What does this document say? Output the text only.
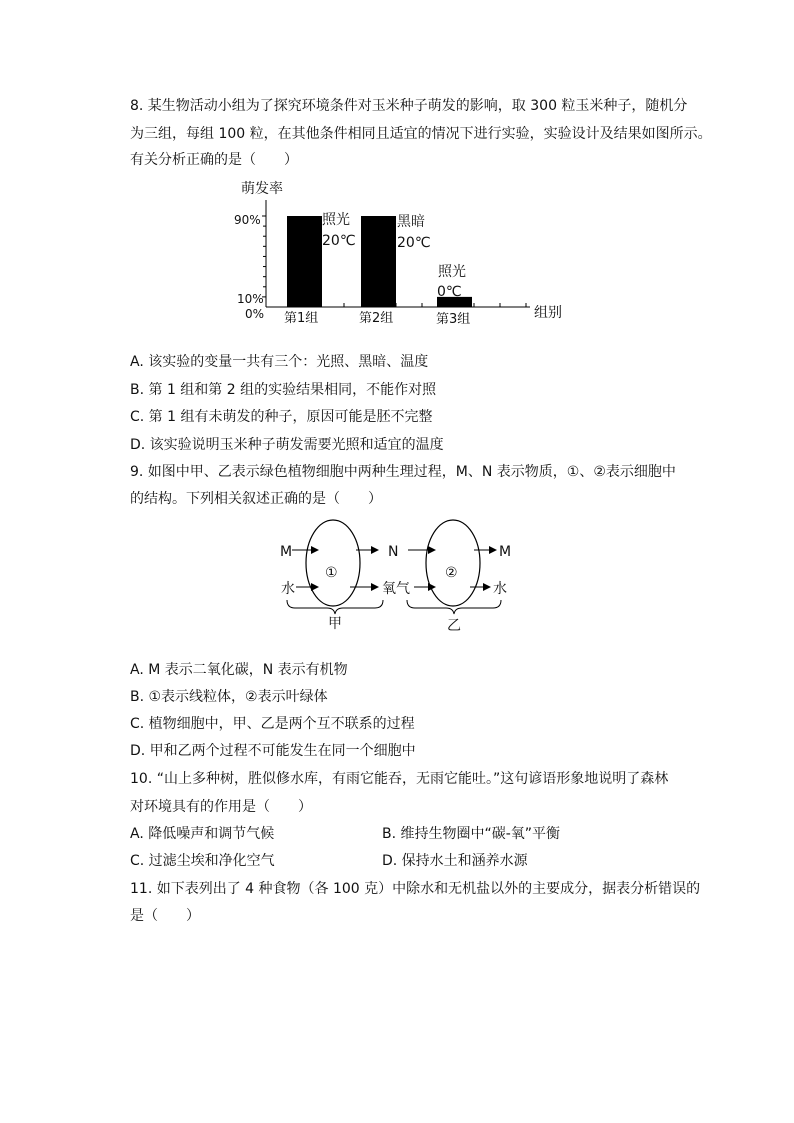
8. 某生物活动小组为了探究环境条件对玉米种子萌发的影响，取 300 粒玉米种子，随机分
为三组，每组 100 粒，在其他条件相同且适宜的情况下进行实验，实验设计及结果如图所示。
有关分析正确的是（　　）
萌发率
90%
10%
0%
照光
20℃
黑暗
20℃
照光
0℃
第1组	第2组	第3组	组别
A. 该实验的变量一共有三个：光照、黑暗、温度
B. 第 1 组和第 2 组的实验结果相同，不能作对照
C. 第 1 组有未萌发的种子，原因可能是胚不完整
D. 该实验说明玉米种子萌发需要光照和适宜的温度
9. 如图中甲、乙表示绿色植物细胞中两种生理过程，M、N 表示物质，①、②表示细胞中
的结构。下列相关叙述正确的是（　　）
①	②
M
水
N
氧气
M
水
甲	乙
A. M 表示二氧化碳，N 表示有机物
B. ①表示线粒体，②表示叶绿体
C. 植物细胞中，甲、乙是两个互不联系的过程
D. 甲和乙两个过程不可能发生在同一个细胞中
10. “山上多种树，胜似修水库，有雨它能吞，无雨它能吐。”这句谚语形象地说明了森林
对环境具有的作用是（　　）
A. 降低噪声和调节气候	B. 维持生物圈中“碳-氧”平衡
C. 过滤尘埃和净化空气	D. 保持水土和涵养水源
11. 如下表列出了 4 种食物（各 100 克）中除水和无机盐以外的主要成分，据表分析错误的
是（　　）
